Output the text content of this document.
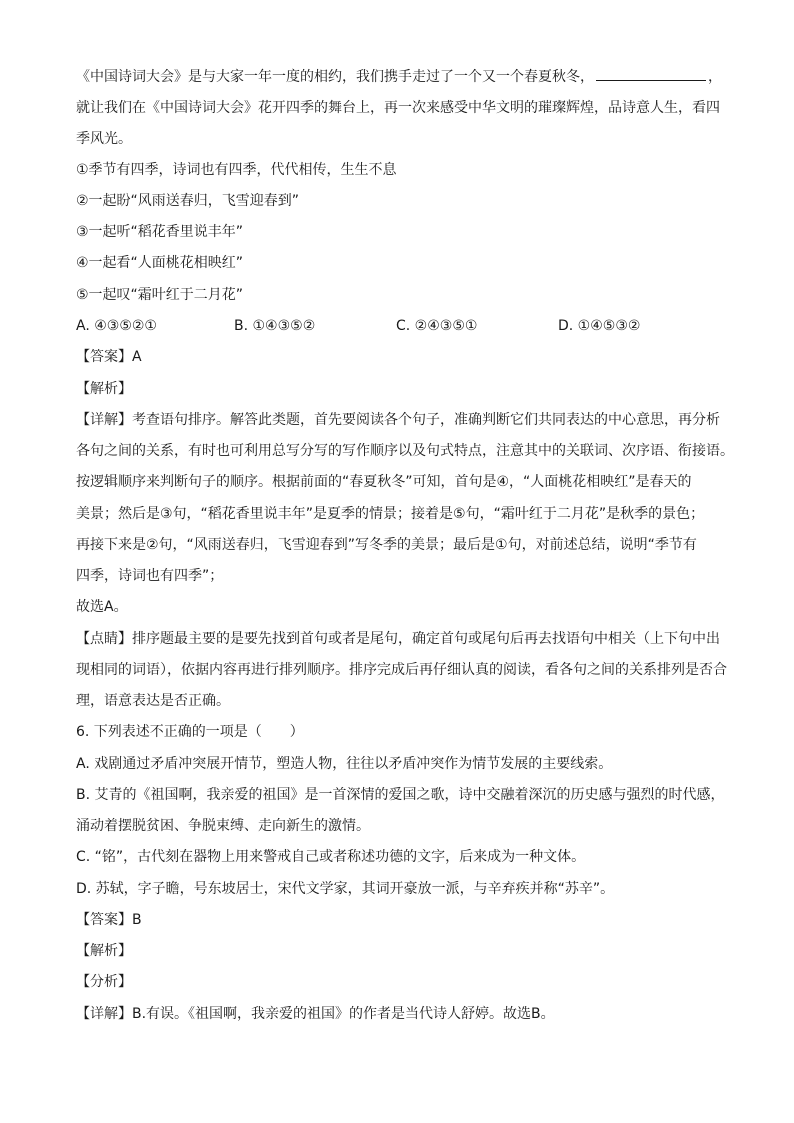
《中国诗词大会》是与大家一年一度的相约，我们携手走过了一个又一个春夏秋冬，	，
就让我们在《中国诗词大会》花开四季的舞台上，再一次来感受中华文明的璀璨辉煌，品诗意人生，看四
季风光。
①季节有四季，诗词也有四季，代代相传，生生不息
②一起盼“风雨送春归，飞雪迎春到”
③一起听“稻花香里说丰年”
④一起看“人面桃花相映红”
⑤一起叹“霜叶红于二月花”
A. ④③⑤②①	B. ①④③⑤②	C. ②④③⑤①	D. ①④⑤③②
【答案】A
【解析】
【详解】考查语句排序。解答此类题，首先要阅读各个句子，准确判断它们共同表达的中心意思，再分析
各句之间的关系，有时也可利用总写分写的写作顺序以及句式特点，注意其中的关联词、次序语、衔接语。
按逻辑顺序来判断句子的顺序。根据前面的“春夏秋冬”可知，首句是④，“人面桃花相映红”是春天的
美景；然后是③句，“稻花香里说丰年”是夏季的情景；接着是⑤句，“霜叶红于二月花”是秋季的景色；
再接下来是②句，“风雨送春归，飞雪迎春到”写冬季的美景；最后是①句，对前述总结，说明“季节有
四季，诗词也有四季”；
故选A。
【点睛】排序题最主要的是要先找到首句或者是尾句，确定首句或尾句后再去找语句中相关（上下句中出
现相同的词语），依据内容再进行排列顺序。排序完成后再仔细认真的阅读，看各句之间的关系排列是否合
理，语意表达是否正确。
6. 下列表述不正确的一项是（　　）
A. 戏剧通过矛盾冲突展开情节，塑造人物，往往以矛盾冲突作为情节发展的主要线索。
B. 艾青的《祖国啊，我亲爱的祖国》是一首深情的爱国之歌，诗中交融着深沉的历史感与强烈的时代感，
涌动着摆脱贫困、争脱束缚、走向新生的激情。
C. “铭”，古代刻在器物上用来警戒自己或者称述功德的文字，后来成为一种文体。
D. 苏轼，字子瞻，号东坡居士，宋代文学家，其词开豪放一派，与辛弃疾并称“苏辛”。
【答案】B
【解析】
【分析】
【详解】B.有误。《祖国啊，我亲爱的祖国》的作者是当代诗人舒婷。故选B。
